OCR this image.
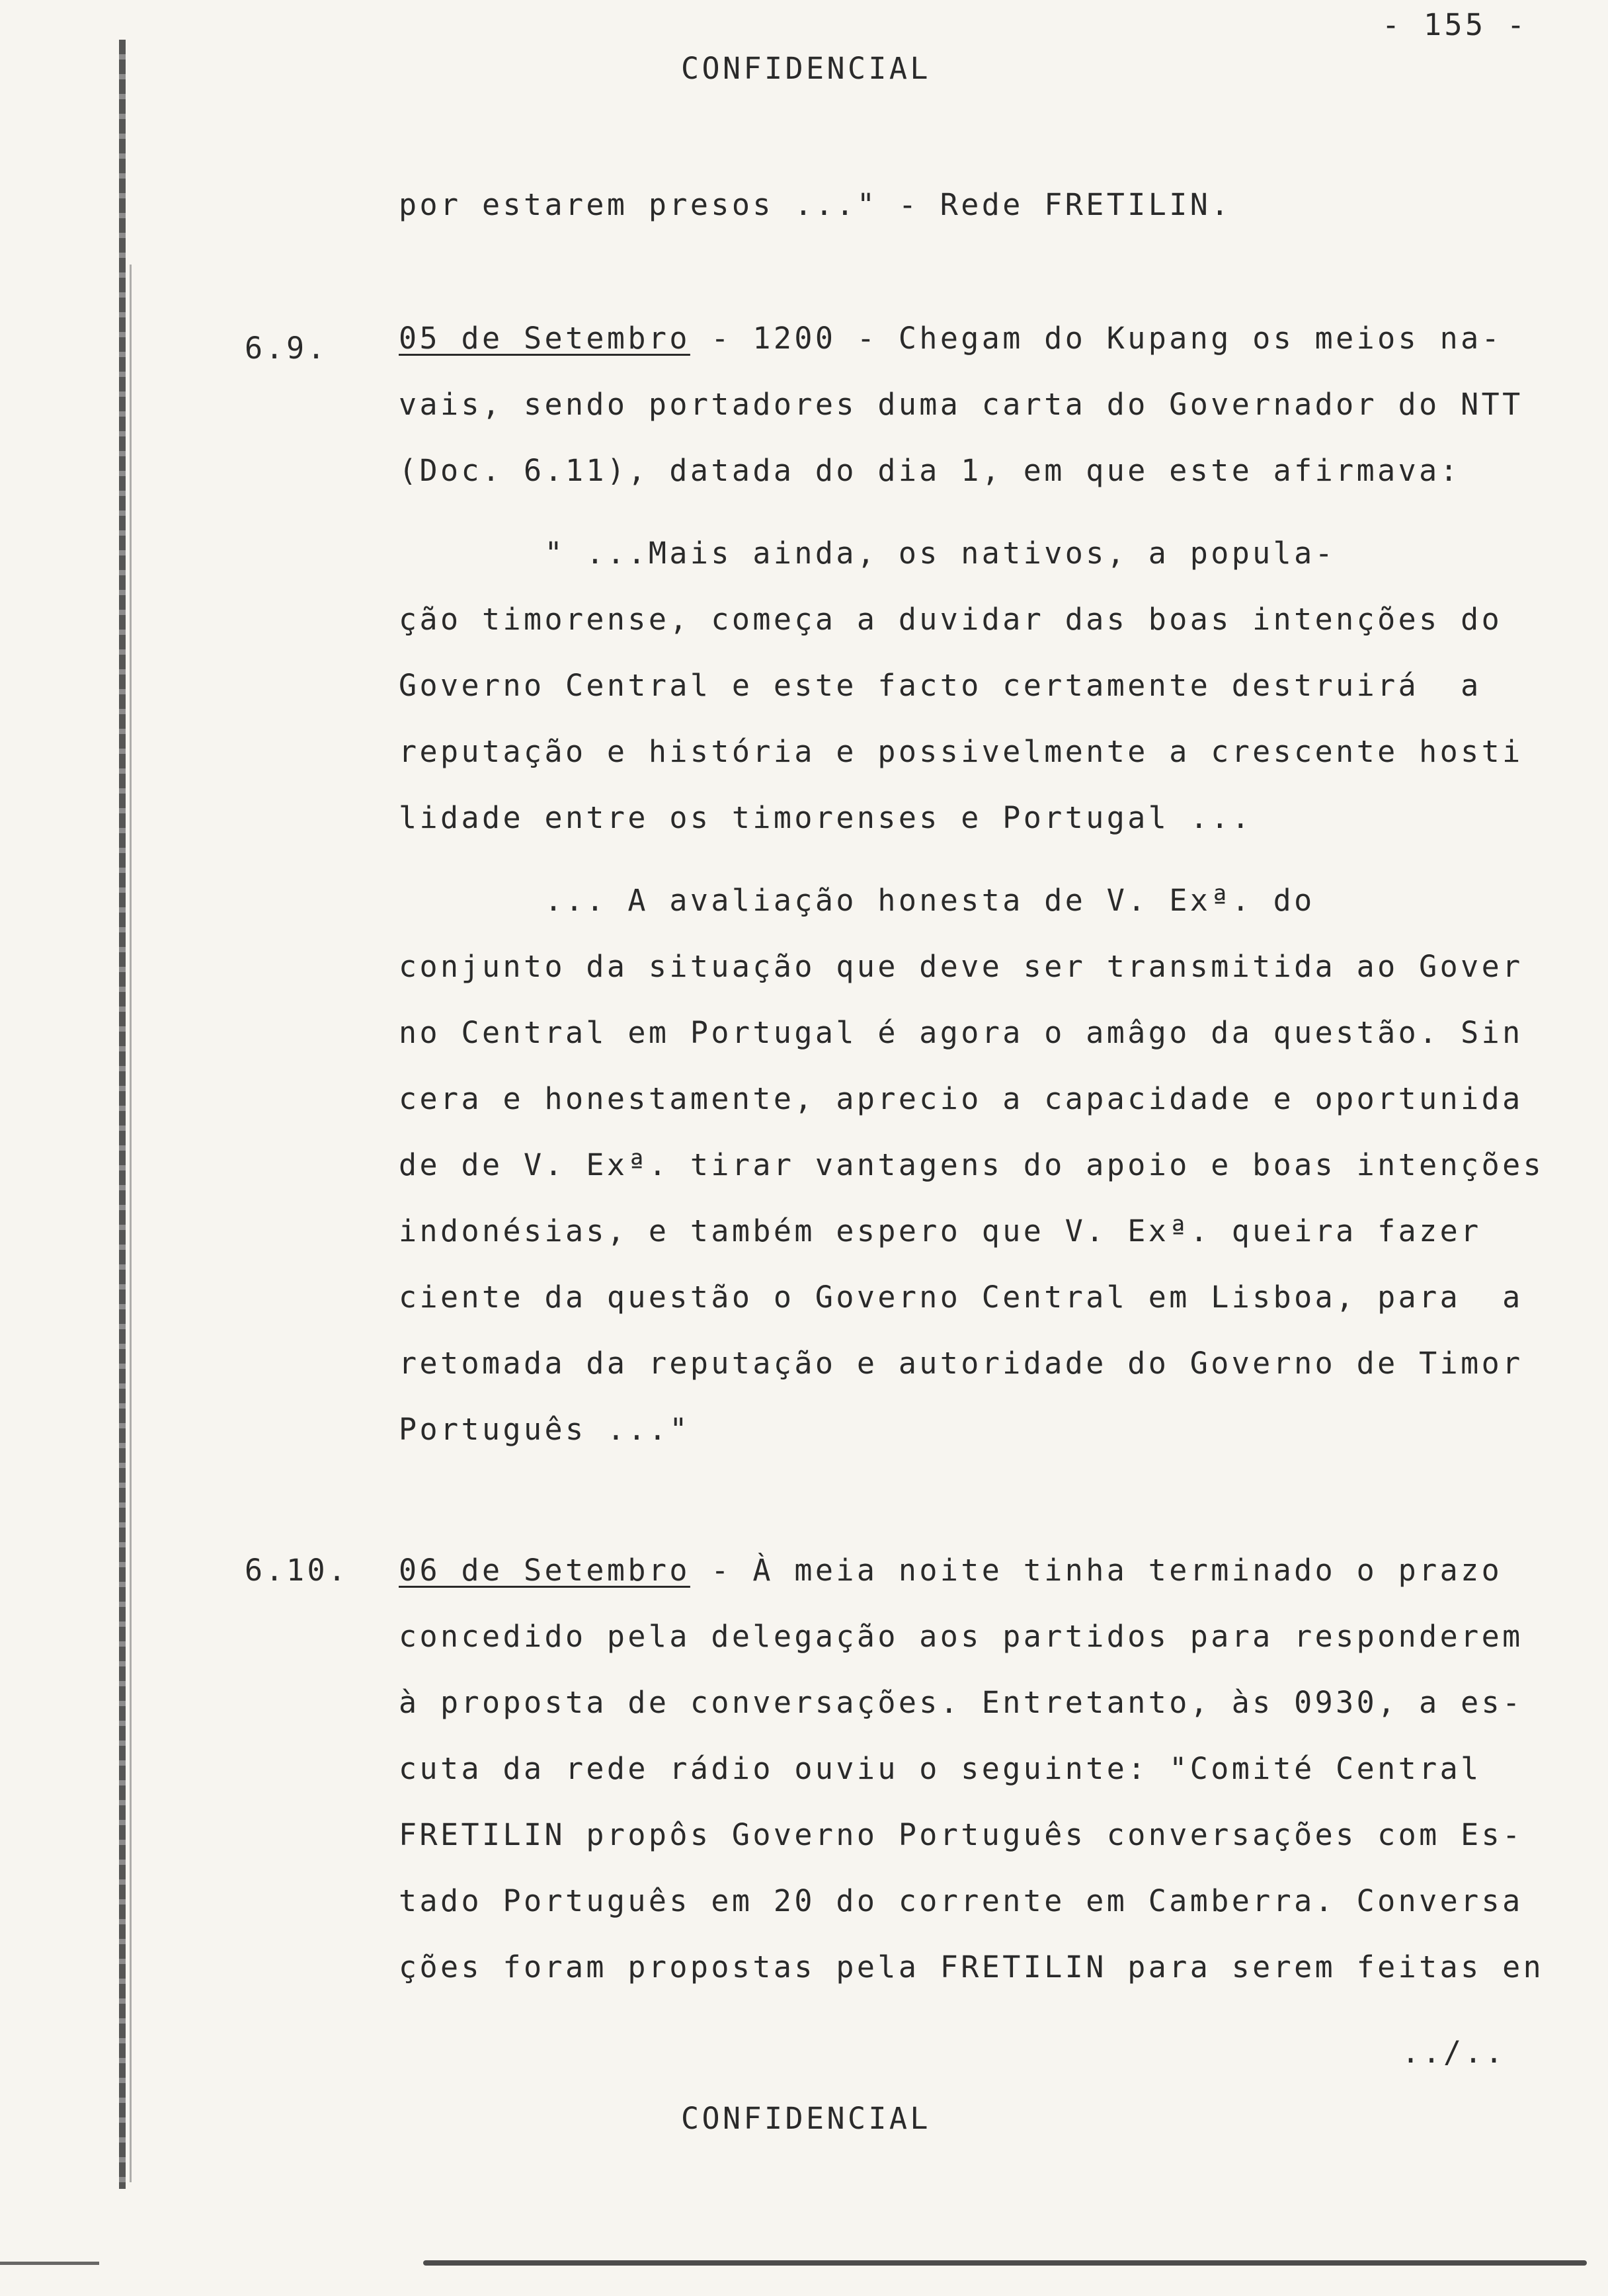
- 155 -
CONFIDENCIAL
por estarem presos ..." - Rede FRETILIN.
6.9. 05 de Setembro - 1200 - Chegam do Kupang os meios na-
vais, sendo portadores duma carta do Governador do NTT
(Doc. 6.11), datada do dia 1, em que este afirmava:
" ...Mais ainda, os nativos, a popula-
ção timorense, começa a duvidar das boas intenções do
Governo Central e este facto certamente destruirá  a
reputação e história e possivelmente a crescente hosti
lidade entre os timorenses e Portugal ...
... A avaliação honesta de V. Exª. do
conjunto da situação que deve ser transmitida ao Gover
no Central em Portugal é agora o amâgo da questão. Sin
cera e honestamente, aprecio a capacidade e oportunida
de de V. Exª. tirar vantagens do apoio e boas intenções
indonésias, e também espero que V. Exª. queira fazer
ciente da questão o Governo Central em Lisboa, para  a
retomada da reputação e autoridade do Governo de Timor
Português ..."
6.10. 06 de Setembro - À meia noite tinha terminado o prazo
concedido pela delegação aos partidos para responderem
à proposta de conversações. Entretanto, às 0930, a es-
cuta da rede rádio ouviu o seguinte: "Comité Central
FRETILIN propôs Governo Português conversações com Es-
tado Português em 20 do corrente em Camberra. Conversa
ções foram propostas pela FRETILIN para serem feitas en
../..
CONFIDENCIAL
